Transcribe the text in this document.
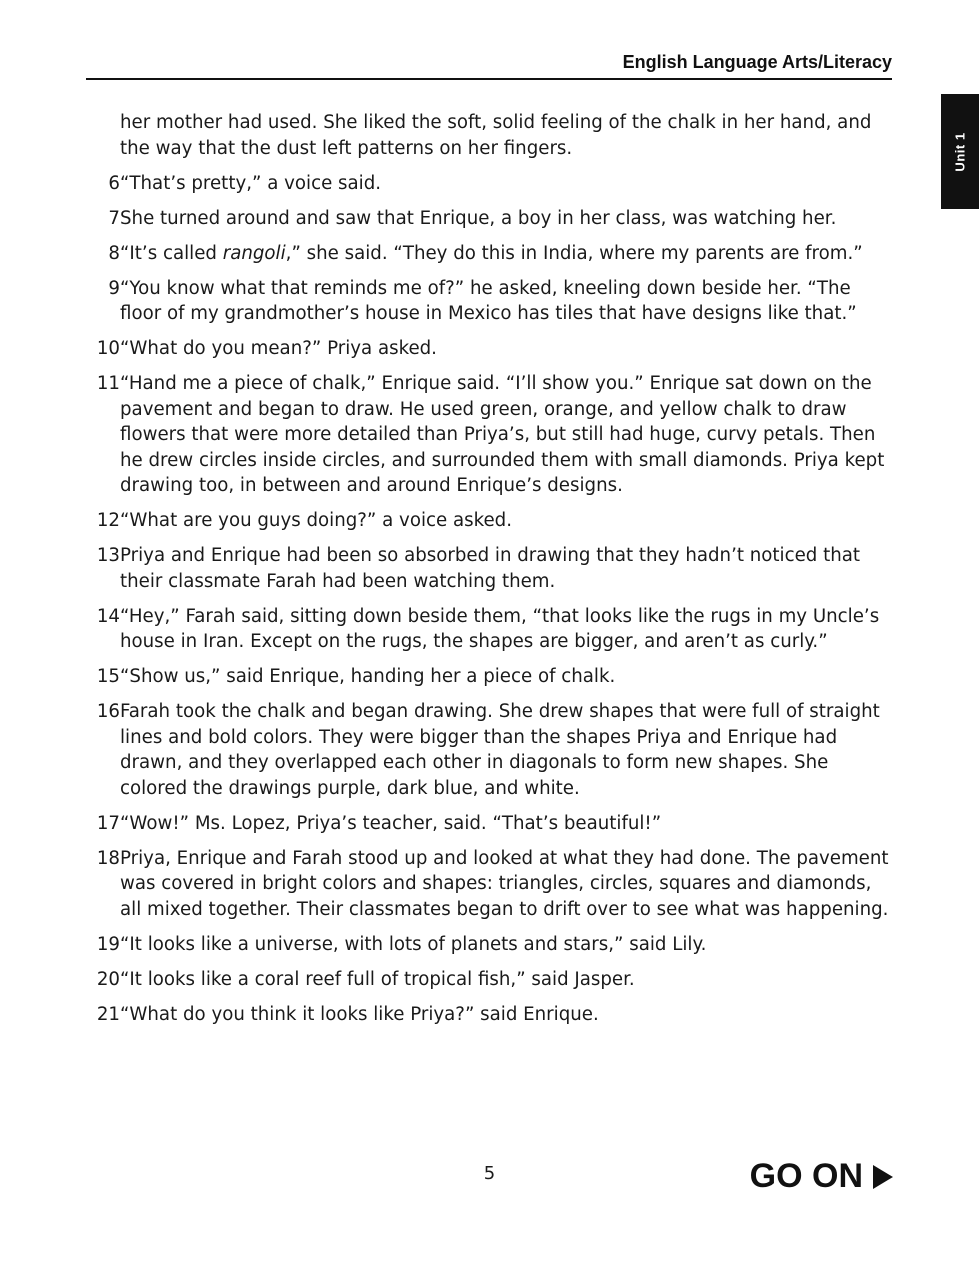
English Language Arts/Literacy
Unit 1
her mother had used. She liked the soft, solid feeling of the chalk in her hand, and the way that the dust left patterns on her fingers.
6 “That’s pretty,” a voice said.
7 She turned around and saw that Enrique, a boy in her class, was watching her.
8 “It’s called rangoli,” she said. “They do this in India, where my parents are from.”
9 “You know what that reminds me of?” he asked, kneeling down beside her. “The floor of my grandmother’s house in Mexico has tiles that have designs like that.”
10 “What do you mean?” Priya asked.
11 “Hand me a piece of chalk,” Enrique said. “I’ll show you.” Enrique sat down on the pavement and began to draw. He used green, orange, and yellow chalk to draw flowers that were more detailed than Priya’s, but still had huge, curvy petals. Then he drew circles inside circles, and surrounded them with small diamonds. Priya kept drawing too, in between and around Enrique’s designs.
12 “What are you guys doing?” a voice asked.
13 Priya and Enrique had been so absorbed in drawing that they hadn’t noticed that their classmate Farah had been watching them.
14 “Hey,” Farah said, sitting down beside them, “that looks like the rugs in my Uncle’s house in Iran. Except on the rugs, the shapes are bigger, and aren’t as curly.”
15 “Show us,” said Enrique, handing her a piece of chalk.
16 Farah took the chalk and began drawing. She drew shapes that were full of straight lines and bold colors. They were bigger than the shapes Priya and Enrique had drawn, and they overlapped each other in diagonals to form new shapes. She colored the drawings purple, dark blue, and white.
17 “Wow!” Ms. Lopez, Priya’s teacher, said. “That’s beautiful!”
18 Priya, Enrique and Farah stood up and looked at what they had done. The pavement was covered in bright colors and shapes: triangles, circles, squares and diamonds, all mixed together. Their classmates began to drift over to see what was happening.
19 “It looks like a universe, with lots of planets and stars,” said Lily.
20 “It looks like a coral reef full of tropical fish,” said Jasper.
21 “What do you think it looks like Priya?” said Enrique.
5	GO ON
